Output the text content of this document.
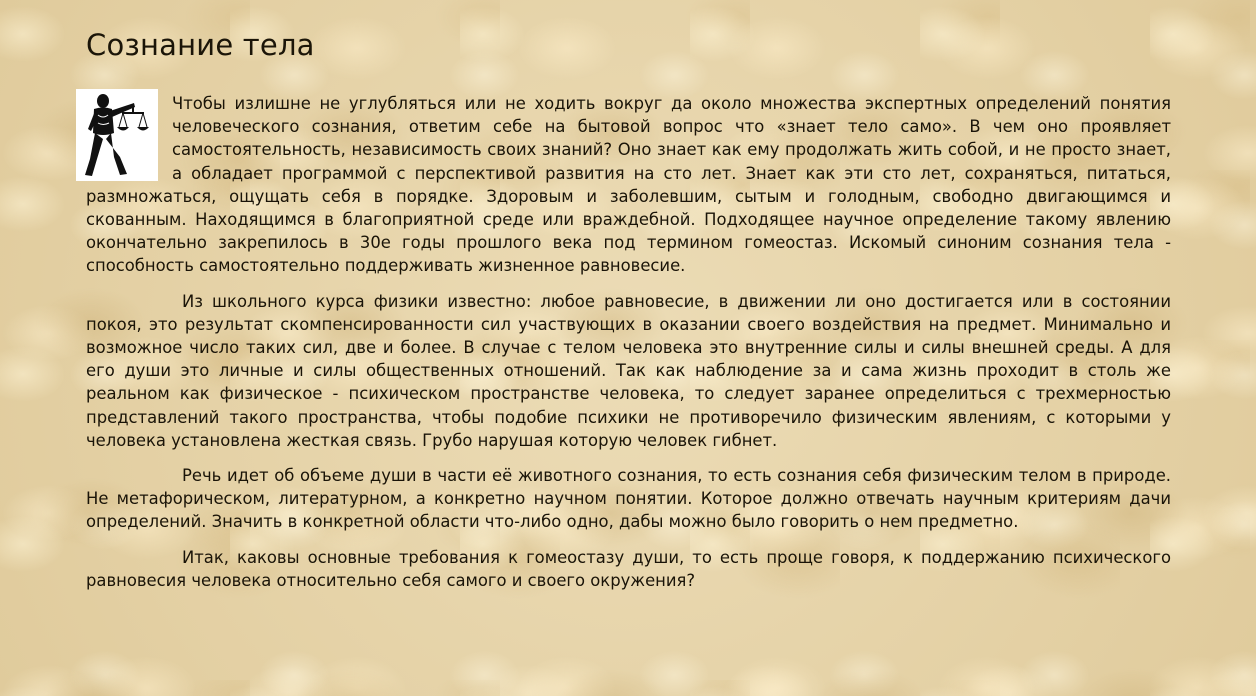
Сознание тела

Чтобы излишне не углубляться или не ходить вокруг да около множества экспертных определений понятия человеческого сознания, ответим себе на бытовой вопрос что «знает тело само». В чем оно проявляет самостоятельность, независимость своих знаний? Оно знает как ему продолжать жить собой, и не просто знает, а обладает программой с перспективой развития на сто лет. Знает как эти сто лет, сохраняться, питаться, размножаться, ощущать себя в порядке. Здоровым и заболевшим, сытым и голодным, свободно двигающимся и скованным. Находящимся в благоприятной среде или враждебной. Подходящее научное определение такому явлению окончательно закрепилось в 30е годы прошлого века под термином гомеостаз. Искомый синоним сознания тела - способность самостоятельно поддерживать жизненное равновесие.

Из школьного курса физики известно: любое равновесие, в движении ли оно достигается или в состоянии покоя, это результат скомпенсированности сил участвующих в оказании своего воздействия на предмет. Минимально и возможное число таких сил, две и более. В случае с телом человека это внутренние силы и силы внешней среды. А для его души это личные и силы общественных отношений. Так как наблюдение за и сама жизнь проходит в столь же реальном как физическое - психическом пространстве человека, то следует заранее определиться с трехмерностью представлений такого пространства, чтобы подобие психики не противоречило физическим явлениям, с которыми у человека установлена жесткая связь. Грубо нарушая которую человек гибнет.

Речь идет об объеме души в части её животного сознания, то есть сознания себя физическим телом в природе. Не метафорическом, литературном, а конкретно научном понятии. Которое должно отвечать научным критериям дачи определений. Значить в конкретной области что-либо одно, дабы можно было говорить о нем предметно.

Итак, каковы основные требования к гомеостазу души, то есть проще говоря, к поддержанию психического равновесия человека относительно себя самого и своего окружения?
